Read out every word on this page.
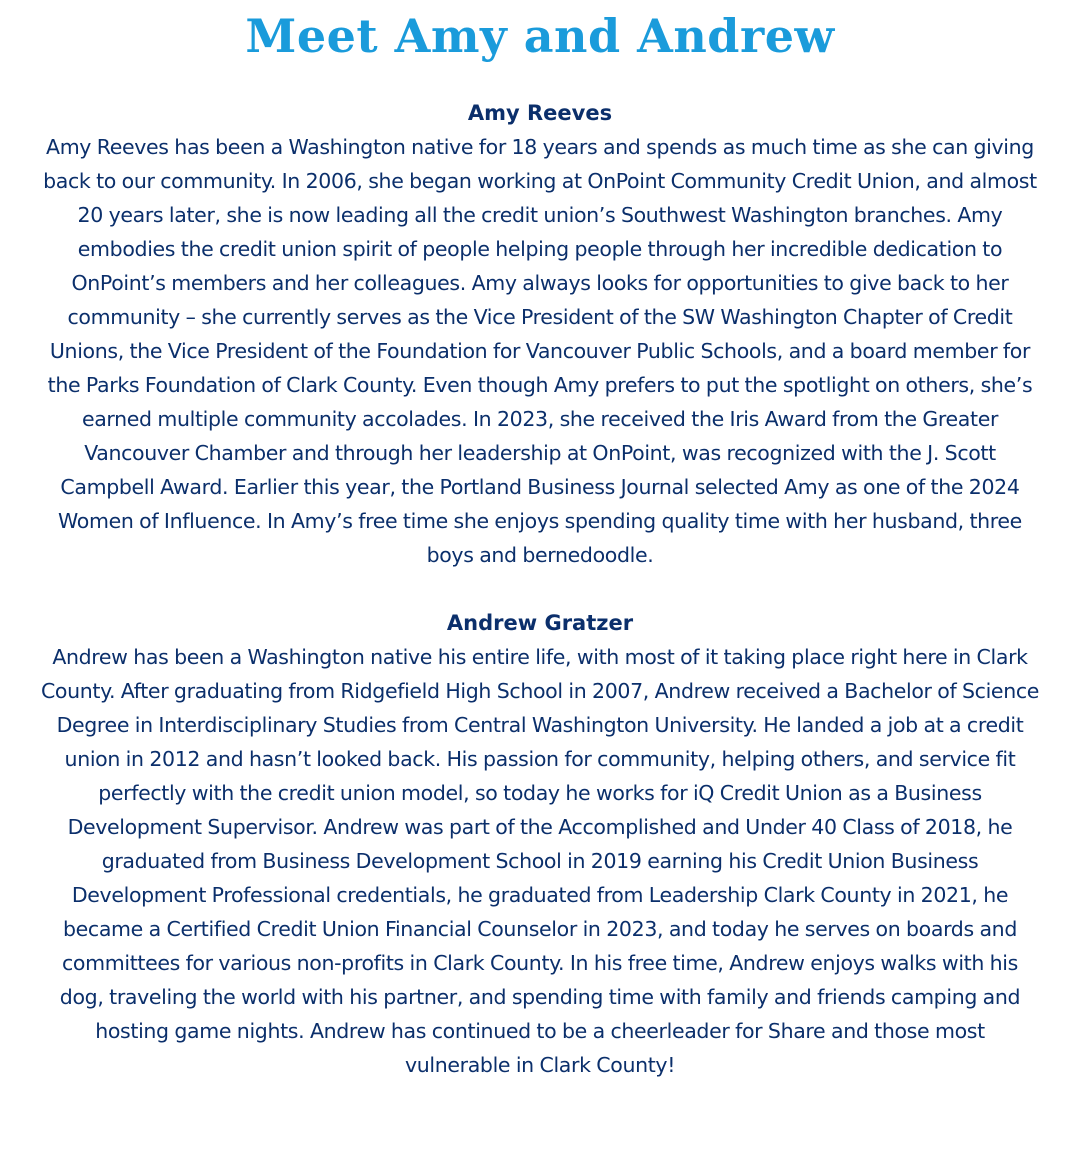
Meet Amy and Andrew
Amy Reeves

Amy Reeves has been a Washington native for 18 years and spends as much time as she can giving back to our community. In 2006, she began working at OnPoint Community Credit Union, and almost 20 years later, she is now leading all the credit union’s Southwest Washington branches. Amy embodies the credit union spirit of people helping people through her incredible dedication to OnPoint’s members and her colleagues. Amy always looks for opportunities to give back to her community – she currently serves as the Vice President of the SW Washington Chapter of Credit Unions, the Vice President of the Foundation for Vancouver Public Schools, and a board member for the Parks Foundation of Clark County. Even though Amy prefers to put the spotlight on others, she’s earned multiple community accolades. In 2023, she received the Iris Award from the Greater Vancouver Chamber and through her leadership at OnPoint, was recognized with the J. Scott Campbell Award. Earlier this year, the Portland Business Journal selected Amy as one of the 2024 Women of Influence. In Amy’s free time she enjoys spending quality time with her husband, three boys and bernedoodle.

Andrew Gratzer

Andrew has been a Washington native his entire life, with most of it taking place right here in Clark County. After graduating from Ridgefield High School in 2007, Andrew received a Bachelor of Science Degree in Interdisciplinary Studies from Central Washington University. He landed a job at a credit union in 2012 and hasn’t looked back. His passion for community, helping others, and service fit perfectly with the credit union model, so today he works for iQ Credit Union as a Business Development Supervisor. Andrew was part of the Accomplished and Under 40 Class of 2018, he graduated from Business Development School in 2019 earning his Credit Union Business Development Professional credentials, he graduated from Leadership Clark County in 2021, he became a Certified Credit Union Financial Counselor in 2023, and today he serves on boards and committees for various non-profits in Clark County. In his free time, Andrew enjoys walks with his dog, traveling the world with his partner, and spending time with family and friends camping and hosting game nights. Andrew has continued to be a cheerleader for Share and those most vulnerable in Clark County!
